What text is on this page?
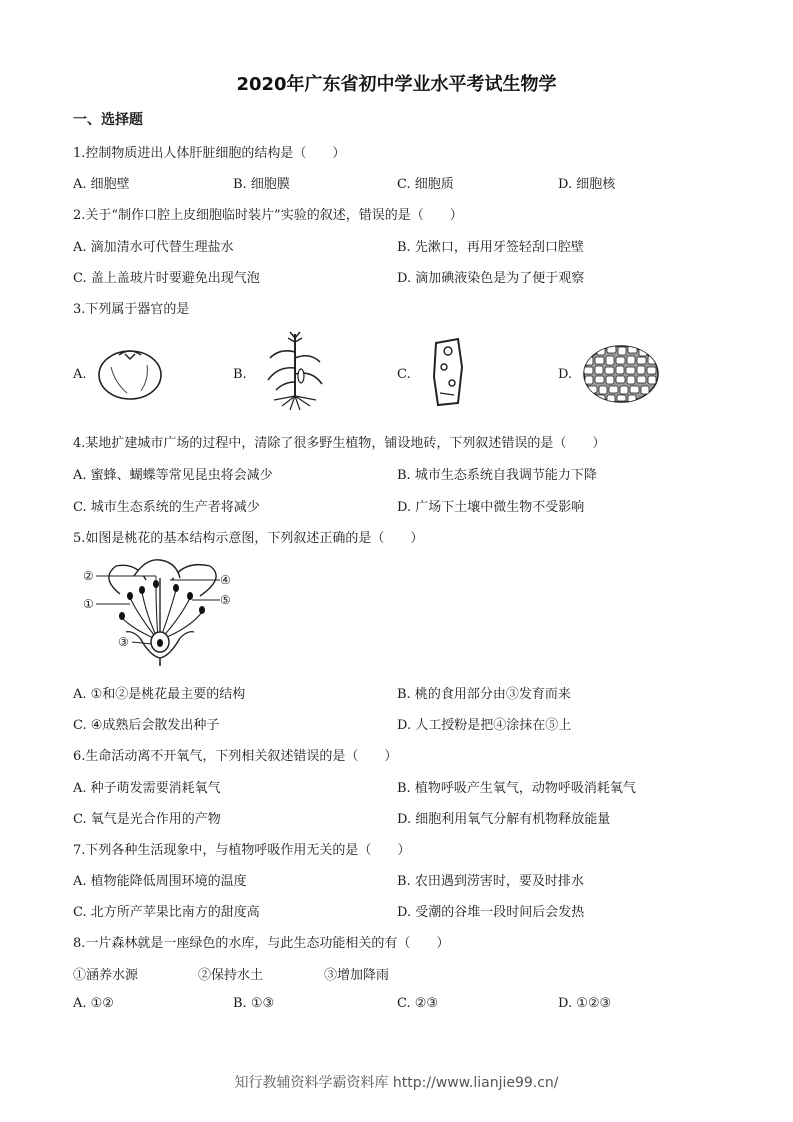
2020年广东省初中学业水平考试生物学
一、选择题
1.控制物质进出人体肝脏细胞的结构是（　　）
A. 细胞壁	B. 细胞膜	C. 细胞质	D. 细胞核
2.关于“制作口腔上皮细胞临时装片”实验的叙述，错误的是（　　）
A. 滴加清水可代替生理盐水	B. 先漱口，再用牙签轻刮口腔壁
C. 盖上盖玻片时要避免出现气泡	D. 滴加碘液染色是为了便于观察
3.下列属于器官的是
A.	B.	C.	D.
4.某地扩建城市广场的过程中，清除了很多野生植物，铺设地砖，下列叙述错误的是（　　）
A. 蜜蜂、蝴蝶等常见昆虫将会减少	B. 城市生态系统自我调节能力下降
C. 城市生态系统的生产者将减少	D. 广场下土壤中微生物不受影响
5.如图是桃花的基本结构示意图，下列叙述正确的是（　　）
②
①
③
④
⑤
A. ①和②是桃花最主要的结构	B. 桃的食用部分由③发育而来
C. ④成熟后会散发出种子	D. 人工授粉是把④涂抹在⑤上
6.生命活动离不开氧气，下列相关叙述错误的是（　　）
A. 种子萌发需要消耗氧气	B. 植物呼吸产生氧气，动物呼吸消耗氧气
C. 氧气是光合作用的产物	D. 细胞利用氧气分解有机物释放能量
7.下列各种生活现象中，与植物呼吸作用无关的是（　　）
A. 植物能降低周围环境的温度	B. 农田遇到涝害时，要及时排水
C. 北方所产苹果比南方的甜度高	D. 受潮的谷堆一段时间后会发热
8.一片森林就是一座绿色的水库，与此生态功能相关的有（　　）
①涵养水源	②保持水土	③增加降雨
A. ①②	B. ①③	C. ②③	D. ①②③
知行教辅资料学霸资料库 http://www.lianjie99.cn/
